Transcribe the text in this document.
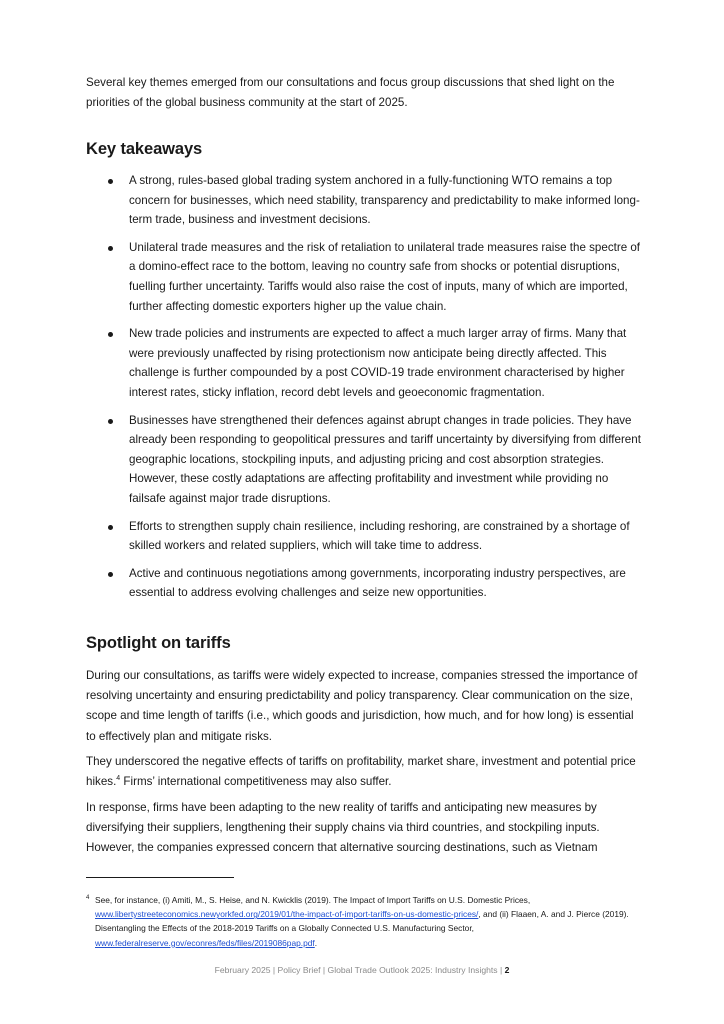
Several key themes emerged from our consultations and focus group discussions that shed light on the priorities of the global business community at the start of 2025.

Key takeaways
A strong, rules-based global trading system anchored in a fully-functioning WTO remains a top concern for businesses, which need stability, transparency and predictability to make informed long-term trade, business and investment decisions.
Unilateral trade measures and the risk of retaliation to unilateral trade measures raise the spectre of a domino-effect race to the bottom, leaving no country safe from shocks or potential disruptions, fuelling further uncertainty. Tariffs would also raise the cost of inputs, many of which are imported, further affecting domestic exporters higher up the value chain.
New trade policies and instruments are expected to affect a much larger array of firms. Many that were previously unaffected by rising protectionism now anticipate being directly affected. This challenge is further compounded by a post COVID-19 trade environment characterised by higher interest rates, sticky inflation, record debt levels and geoeconomic fragmentation.
Businesses have strengthened their defences against abrupt changes in trade policies. They have already been responding to geopolitical pressures and tariff uncertainty by diversifying from different geographic locations, stockpiling inputs, and adjusting pricing and cost absorption strategies. However, these costly adaptations are affecting profitability and investment while providing no failsafe against major trade disruptions.
Efforts to strengthen supply chain resilience, including reshoring, are constrained by a shortage of skilled workers and related suppliers, which will take time to address.
Active and continuous negotiations among governments, incorporating industry perspectives, are essential to address evolving challenges and seize new opportunities.
Spotlight on tariffs

During our consultations, as tariffs were widely expected to increase, companies stressed the importance of resolving uncertainty and ensuring predictability and policy transparency. Clear communication on the size, scope and time length of tariffs (i.e., which goods and jurisdiction, how much, and for how long) is essential to effectively plan and mitigate risks.

They underscored the negative effects of tariffs on profitability, market share, investment and potential price hikes.$^4$ Firms’ international competitiveness may also suffer.

In response, firms have been adapting to the new reality of tariffs and anticipating new measures by diversifying their suppliers, lengthening their supply chains via third countries, and stockpiling inputs. However, the companies expressed concern that alternative sourcing destinations, such as Vietnam

4 See, for instance, (i) Amiti, M., S. Heise, and N. Kwicklis (2019). The Impact of Import Tariffs on U.S. Domestic Prices, www.libertystreeteconomics.newyorkfed.org/2019/01/the-impact-of-import-tariffs-on-us-domestic-prices/, and (ii) Flaaen, A. and J. Pierce (2019). Disentangling the Effects of the 2018-2019 Tariffs on a Globally Connected U.S. Manufacturing Sector, www.federalreserve.gov/econres/feds/files/2019086pap.pdf.
February 2025 | Policy Brief | Global Trade Outlook 2025: Industry Insights | 2
